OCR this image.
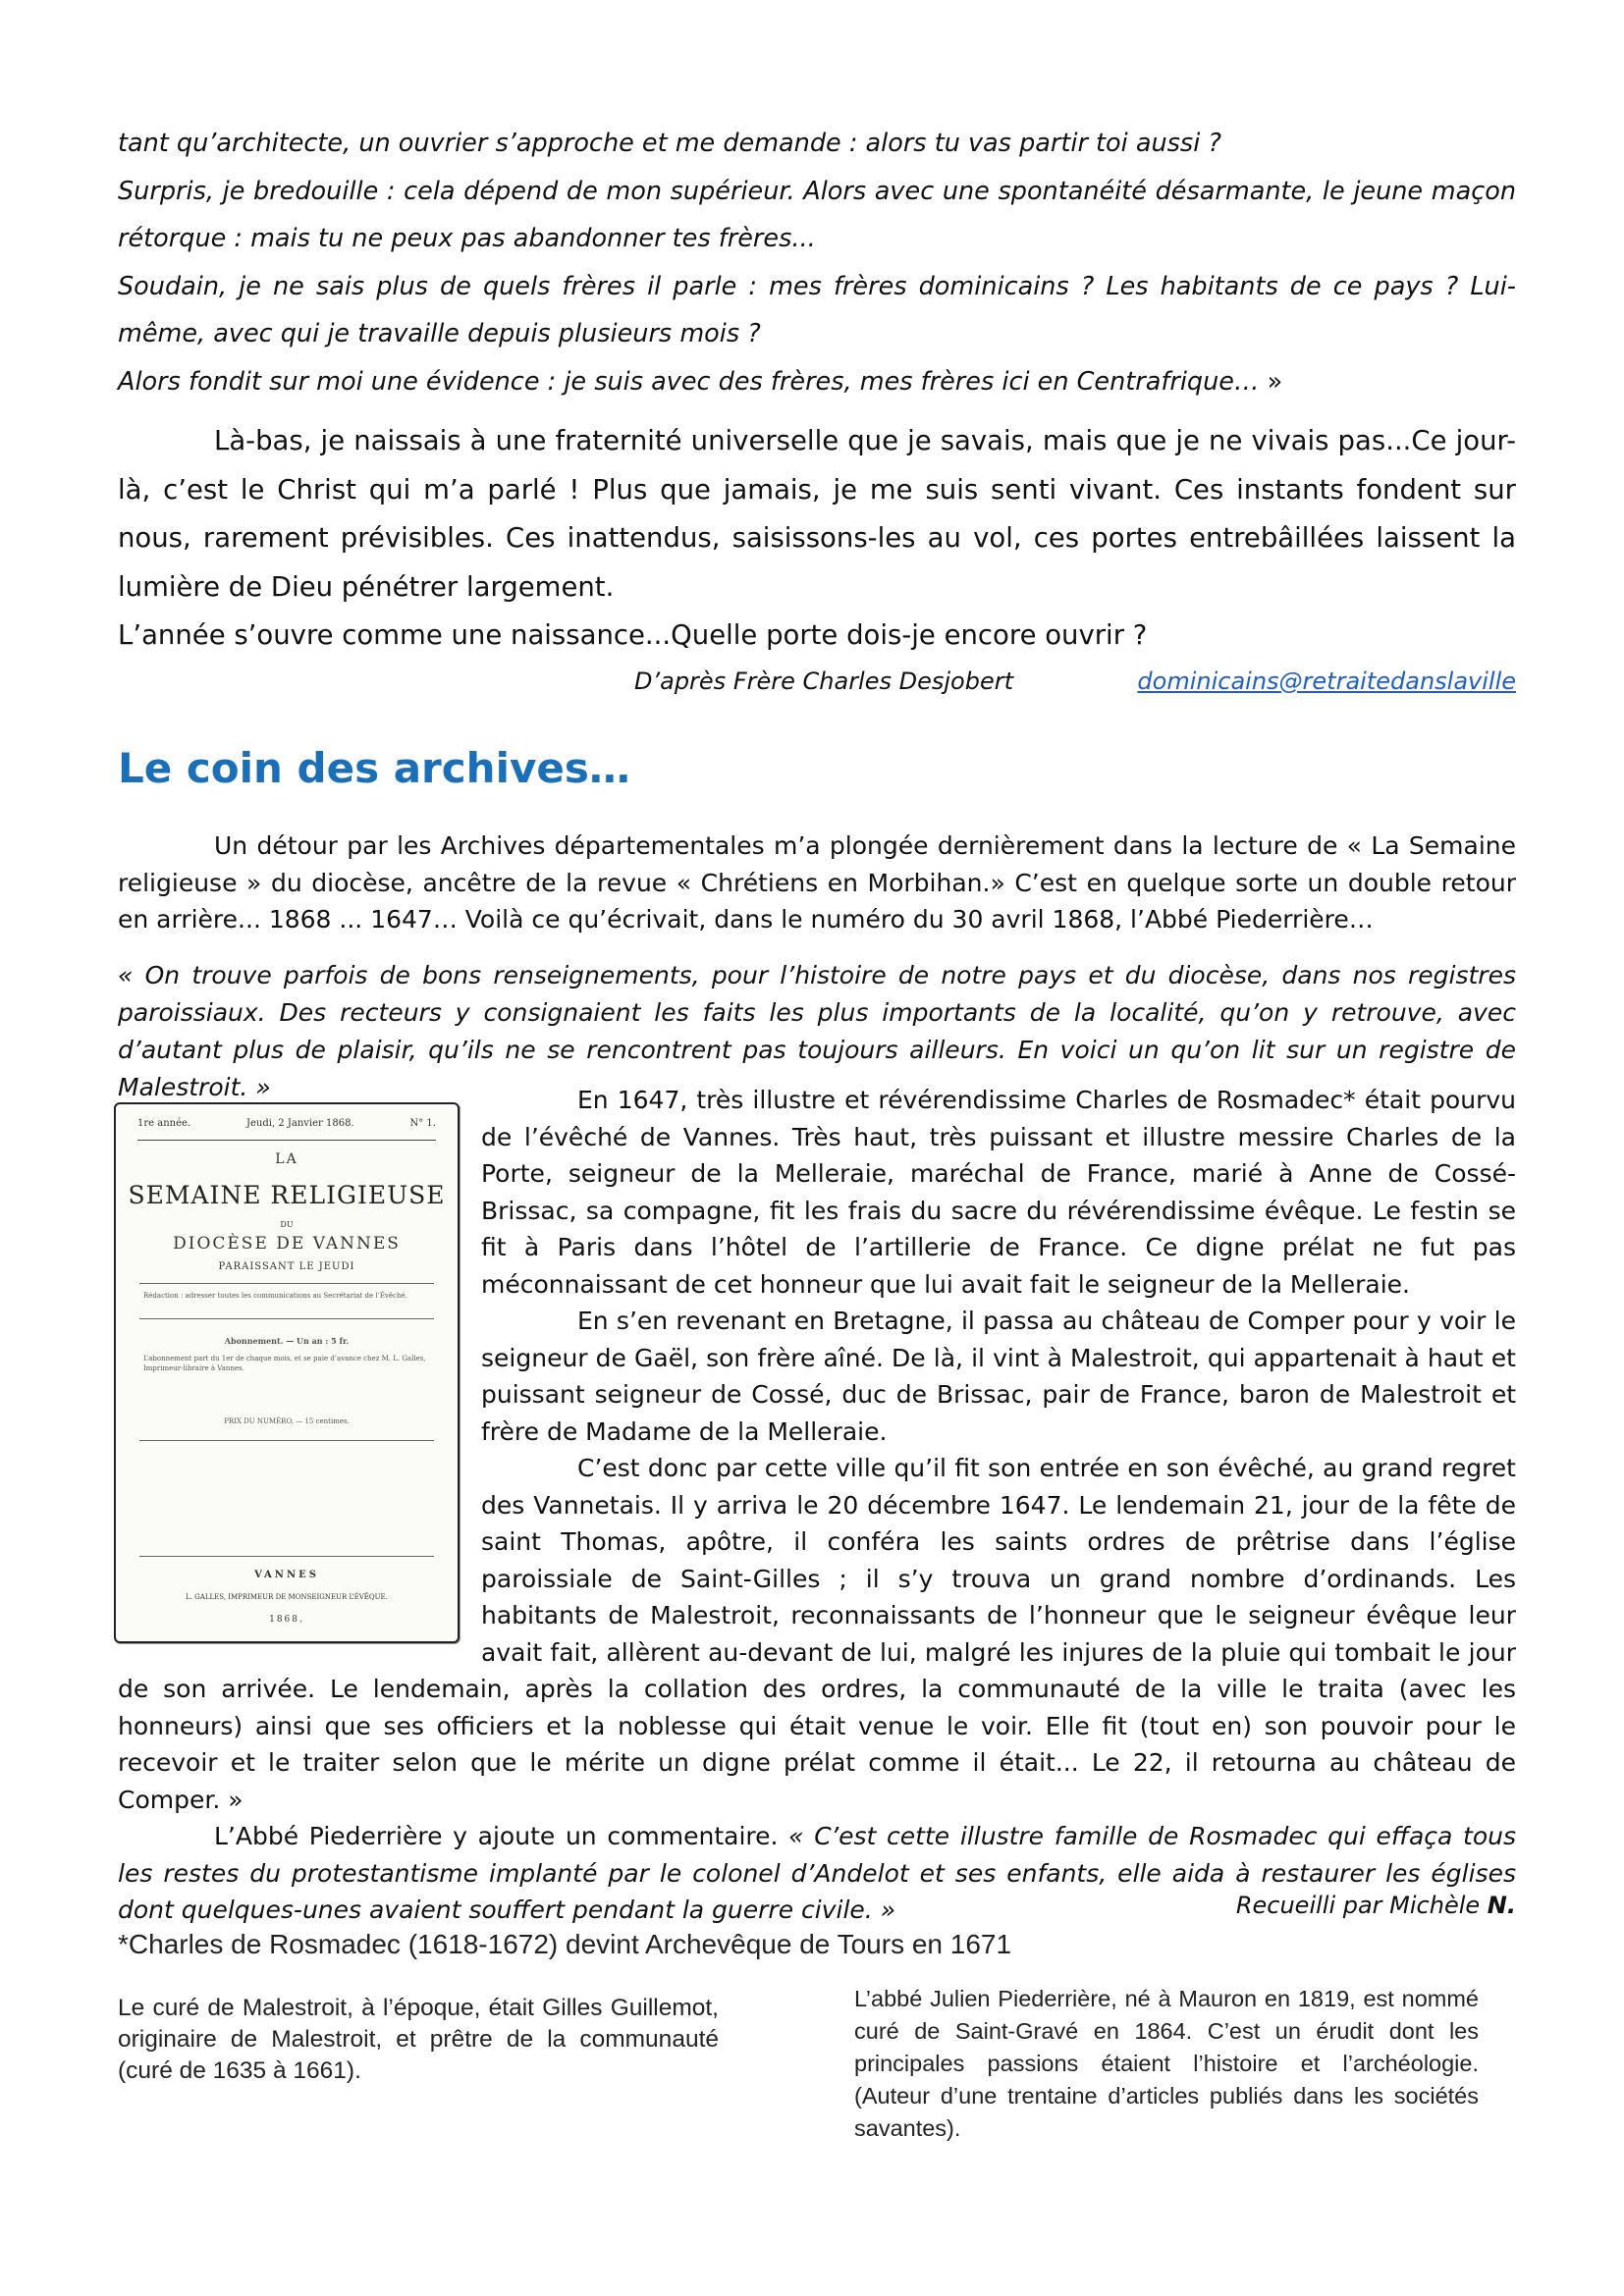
tant qu’architecte, un ouvrier s’approche et me demande : alors tu vas partir toi aussi ?

Surpris, je bredouille : cela dépend de mon supérieur. Alors avec une spontanéité désarmante, le jeune maçon rétorque : mais tu ne peux pas abandonner tes frères...

Soudain, je ne sais plus de quels frères il parle : mes frères dominicains ? Les habitants de ce pays ? Lui-même, avec qui je travaille depuis plusieurs mois ?

Alors fondit sur moi une évidence : je suis avec des frères, mes frères ici en Centrafrique… »

Là-bas, je naissais à une fraternité universelle que je savais, mais que je ne vivais pas...Ce jour-là, c’est le Christ qui m’a parlé ! Plus que jamais, je me suis senti vivant. Ces instants fondent sur nous, rarement prévisibles. Ces inattendus, saisissons-les au vol, ces portes entrebâillées laissent la lumière de Dieu pénétrer largement.

L’année s’ouvre comme une naissance...Quelle porte dois-je encore ouvrir ?

D’après Frère Charles Desjobert	dominicains@retraitedanslaville
Le coin des archives…

Un détour par les Archives départementales m’a plongée dernièrement dans la lecture de « La Semaine religieuse » du diocèse, ancêtre de la revue « Chrétiens en Morbihan.» C’est en quelque sorte un double retour en arrière... 1868 ... 1647… Voilà ce qu’écrivait, dans le numéro du 30 avril 1868, l’Abbé Piederrière…

« On trouve parfois de bons renseignements, pour l’histoire de notre pays et du diocèse, dans nos registres paroissiaux. Des recteurs y consignaient les faits les plus importants de la localité, qu’on y retrouve, avec d’autant plus de plaisir, qu’ils ne se rencontrent pas toujours ailleurs. En voici un qu’on lit sur un registre de Malestroit. »

1re année.	Jeudi, 2 Janvier 1868.	N° 1.
LA
SEMAINE RELIGIEUSE
DU
DIOCÈSE DE VANNES
PARAISSANT LE JEUDI
Rédaction : adresser toutes les communications au Secrétariat de l’Évêché.
Abonnement. — Un an : 5 fr.
L’abonnement part du 1er de chaque mois, et se paie d’avance chez M. L. Galles, Imprimeur-libraire à Vannes.
PRIX DU NUMÉRO. — 15 centimes.
VANNES
L. GALLES, IMPRIMEUR DE MONSEIGNEUR L’ÉVÊQUE.
1868.

En 1647, très illustre et révérendissime Charles de Rosmadec* était pourvu de l’évêché de Vannes. Très haut, très puissant et illustre messire Charles de la Porte, seigneur de la Melleraie, maréchal de France, marié à Anne de Cossé-Brissac, sa compagne, fit les frais du sacre du révérendissime évêque. Le festin se fit à Paris dans l’hôtel de l’artillerie de France. Ce digne prélat ne fut pas méconnaissant de cet honneur que lui avait fait le seigneur de la Melleraie.

En s’en revenant en Bretagne, il passa au château de Comper pour y voir le seigneur de Gaël, son frère aîné. De là, il vint à Malestroit, qui appartenait à haut et puissant seigneur de Cossé, duc de Brissac, pair de France, baron de Malestroit et frère de Madame de la Melleraie.

C’est donc par cette ville qu’il fit son entrée en son évêché, au grand regret des Vannetais. Il y arriva le 20 décembre 1647. Le lendemain 21, jour de la fête de saint Thomas, apôtre, il conféra les saints ordres de prêtrise dans l’église paroissiale de Saint-Gilles ; il s’y trouva un grand nombre d’ordinands. Les habitants de Malestroit, reconnaissants de l’honneur que le seigneur évêque leur avait fait, allèrent au-devant de lui, malgré les injures de la pluie qui tombait le jour de son arrivée. Le lendemain, après la collation des ordres, la communauté de la ville le traita (avec les honneurs) ainsi que ses officiers et la noblesse qui était venue le voir. Elle fit (tout en) son pouvoir pour le recevoir et le traiter selon que le mérite un digne prélat comme il était... Le 22, il retourna au château de Comper. »

L’Abbé Piederrière y ajoute un commentaire. « C’est cette illustre famille de Rosmadec qui effaça tous les restes du protestantisme implanté par le colonel d’Andelot et ses enfants, elle aida à restaurer les églises dont quelques-unes avaient souffert pendant la guerre civile. »	Recueilli par Michèle N.
*Charles de Rosmadec (1618-1672) devint Archevêque de Tours en 1671
Le curé de Malestroit, à l’époque, était Gilles Guillemot, originaire de Malestroit, et prêtre de la communauté (curé de 1635 à 1661).
L’abbé Julien Piederrière, né à Mauron en 1819, est nommé curé de Saint-Gravé en 1864. C’est un érudit dont les principales passions étaient l’histoire et l’archéologie. (Auteur d’une trentaine d’articles publiés dans les sociétés savantes).
